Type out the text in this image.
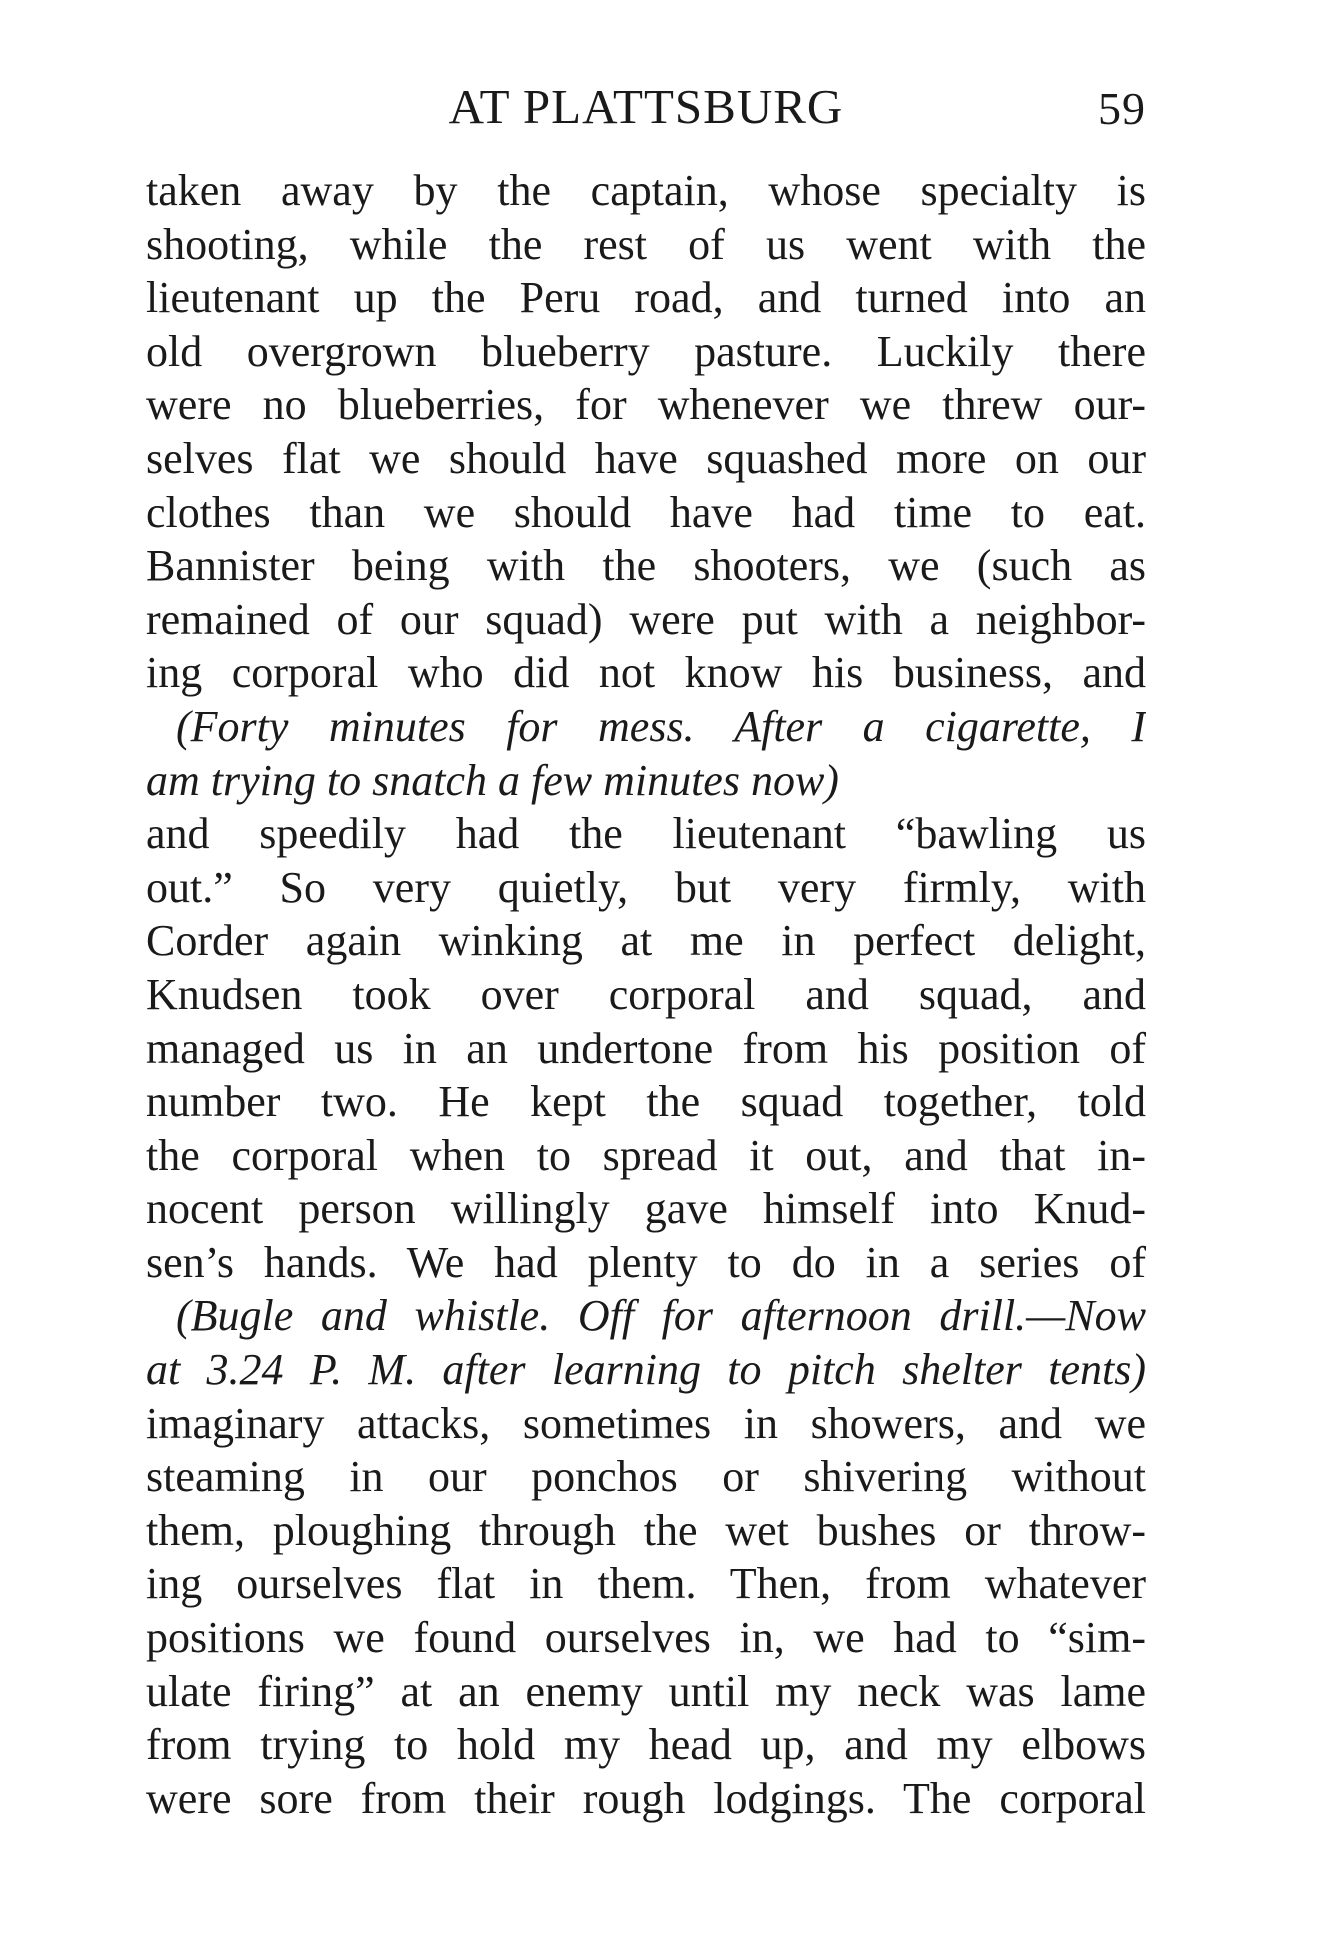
AT PLATTSBURG	59
taken away by the captain, whose specialty is
shooting, while the rest of us went with the
lieutenant up the Peru road, and turned into an
old overgrown blueberry pasture. Luckily there
were no blueberries, for whenever we threw our-
selves flat we should have squashed more on our
clothes than we should have had time to eat.
Bannister being with the shooters, we (such as
remained of our squad) were put with a neighbor-
ing corporal who did not know his business, and
(Forty minutes for mess. After a cigarette, I
am trying to snatch a few minutes now)
and speedily had the lieutenant “bawling us
out.” So very quietly, but very firmly, with
Corder again winking at me in perfect delight,
Knudsen took over corporal and squad, and
managed us in an undertone from his position of
number two. He kept the squad together, told
the corporal when to spread it out, and that in-
nocent person willingly gave himself into Knud-
sen’s hands. We had plenty to do in a series of
(Bugle and whistle. Off for afternoon drill.—Now
at 3.24 P. M. after learning to pitch shelter tents)
imaginary attacks, sometimes in showers, and we
steaming in our ponchos or shivering without
them, ploughing through the wet bushes or throw-
ing ourselves flat in them. Then, from whatever
positions we found ourselves in, we had to “sim-
ulate firing” at an enemy until my neck was lame
from trying to hold my head up, and my elbows
were sore from their rough lodgings. The corporal
